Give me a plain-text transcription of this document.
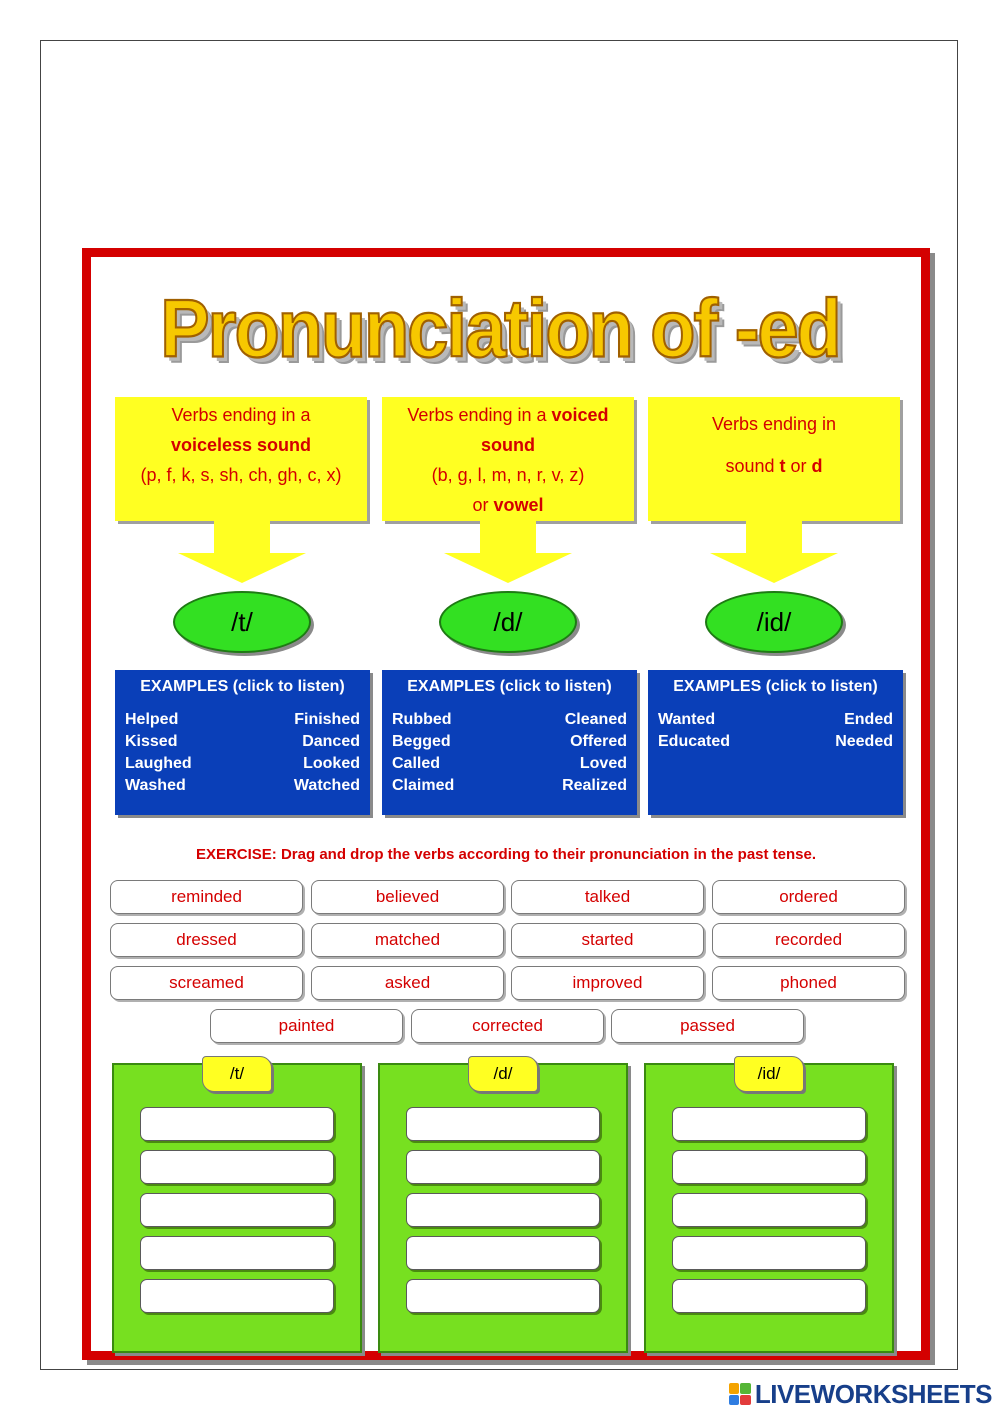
Pronunciation of -ed
Verbs ending in a
voiceless sound
(p, f, k, s, sh, ch, gh, c, x)
Verbs ending in a voiced
sound
(b, g, l, m, n, r, v, z)
or vowel
Verbs ending in
sound t or d
/t/	/d/	/id/
EXAMPLES (click to listen)
Helped	Finished
Kissed	Danced
Laughed	Looked
Washed	Watched
EXAMPLES (click to listen)
Rubbed	Cleaned
Begged	Offered
Called	Loved
Claimed	Realized
EXAMPLES (click to listen)
Wanted	Ended
Educated	Needed
EXERCISE: Drag and drop the verbs according to their pronunciation in the past tense.
reminded	believed	talked	ordered
dressed	matched	started	recorded
screamed	asked	improved	phoned
painted	corrected	passed
/t/	/d/	/id/
LIVEWORKSHEETS
